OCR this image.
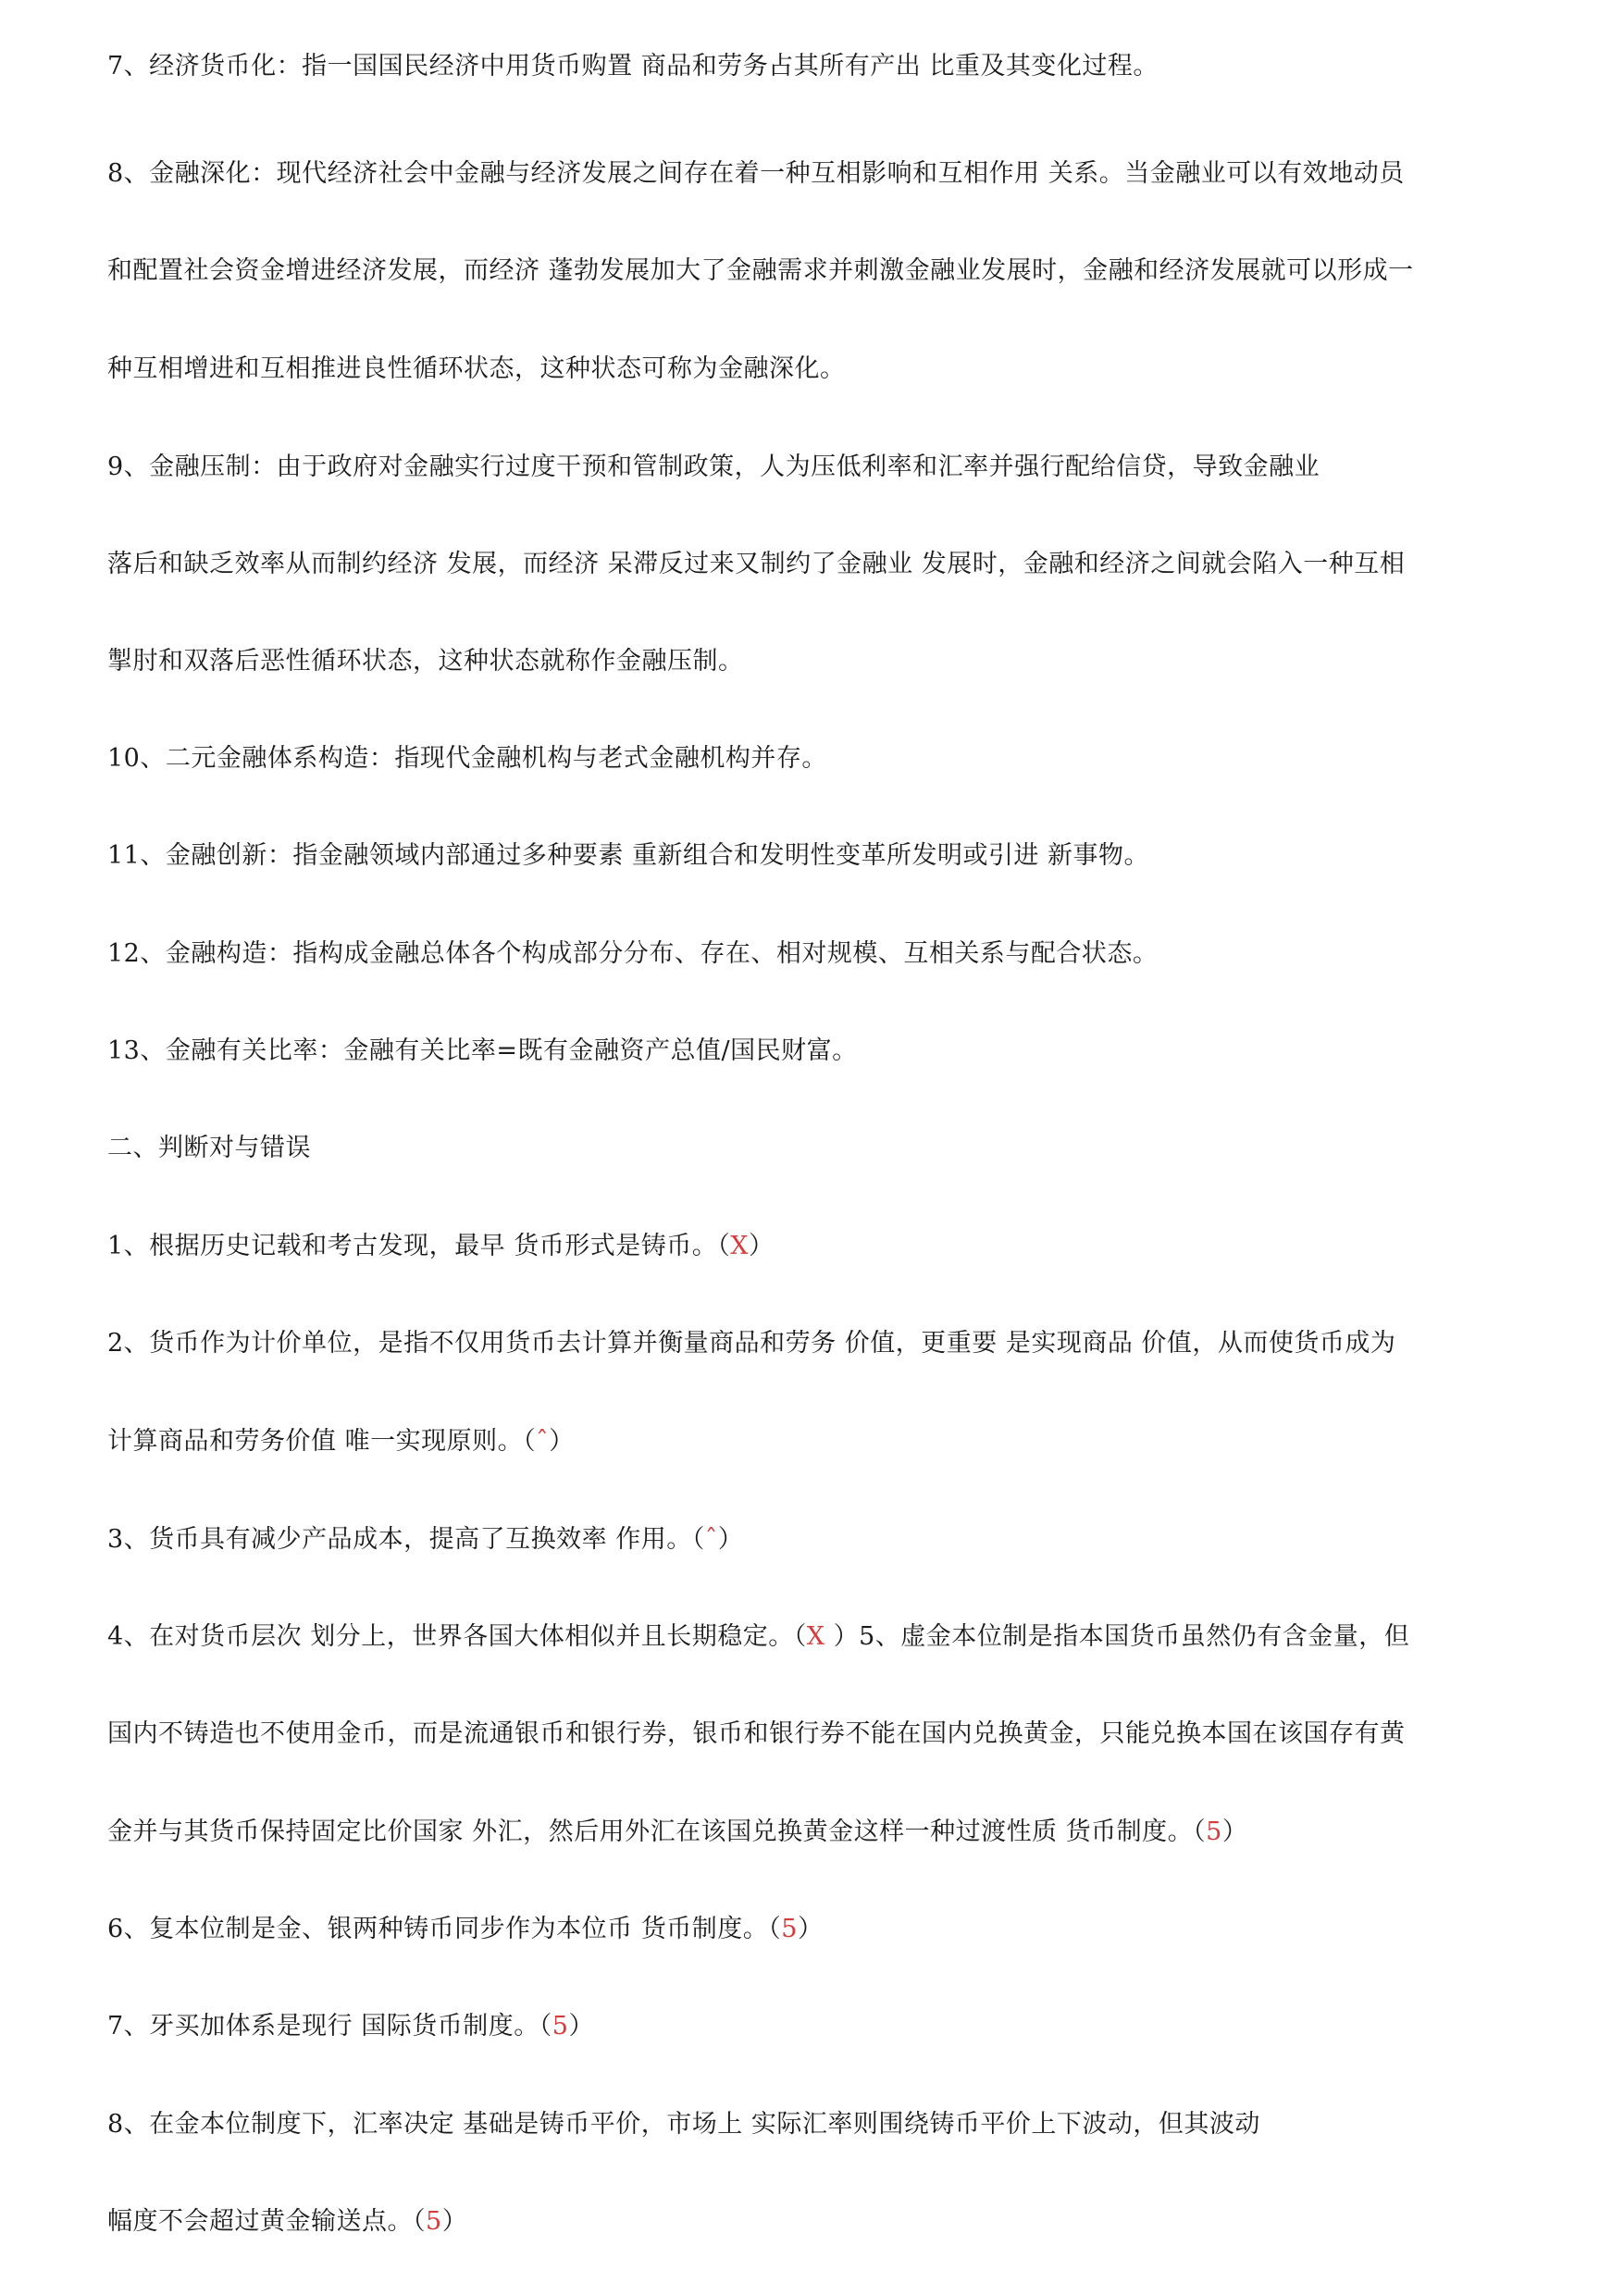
7、经济货币化：指一国国民经济中用货币购置 商品和劳务占其所有产出 比重及其变化过程。
8、金融深化：现代经济社会中金融与经济发展之间存在着一种互相影响和互相作用 关系。当金融业可以有效地动员
和配置社会资金增进经济发展，而经济 蓬勃发展加大了金融需求并刺激金融业发展时，金融和经济发展就可以形成一
种互相增进和互相推进良性循环状态，这种状态可称为金融深化。
9、金融压制：由于政府对金融实行过度干预和管制政策，人为压低利率和汇率并强行配给信贷，导致金融业
落后和缺乏效率从而制约经济 发展，而经济 呆滞反过来又制约了金融业 发展时，金融和经济之间就会陷入一种互相
掣肘和双落后恶性循环状态，这种状态就称作金融压制。
10、二元金融体系构造：指现代金融机构与老式金融机构并存。
11、金融创新：指金融领域内部通过多种要素 重新组合和发明性变革所发明或引进 新事物。
12、金融构造：指构成金融总体各个构成部分分布、存在、相对规模、互相关系与配合状态。
13、金融有关比率：金融有关比率=既有金融资产总值/国民财富。
二、判断对与错误
1、根据历史记载和考古发现，最早 货币形式是铸币。（X）
2、货币作为计价单位，是指不仅用货币去计算并衡量商品和劳务 价值，更重要 是实现商品 价值，从而使货币成为
计算商品和劳务价值 唯一实现原则。（ˆ）
3、货币具有减少产品成本，提高了互换效率 作用。（ˆ）
4、在对货币层次 划分上，世界各国大体相似并且长期稳定。（X ）5、虚金本位制是指本国货币虽然仍有含金量，但
国内不铸造也不使用金币，而是流通银币和银行券，银币和银行券不能在国内兑换黄金，只能兑换本国在该国存有黄
金并与其货币保持固定比价国家 外汇，然后用外汇在该国兑换黄金这样一种过渡性质 货币制度。（5）
6、复本位制是金、银两种铸币同步作为本位币 货币制度。（5）
7、牙买加体系是现行 国际货币制度。（5）
8、在金本位制度下，汇率决定 基础是铸币平价，市场上 实际汇率则围绕铸币平价上下波动，但其波动
幅度不会超过黄金输送点。（5）
